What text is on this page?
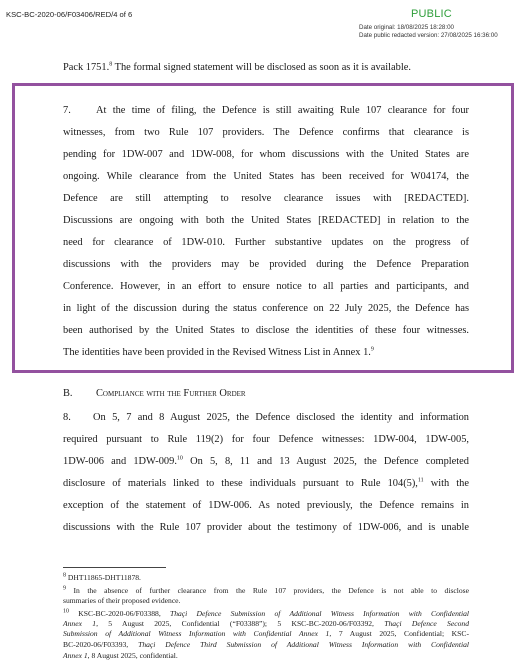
KSC-BC-2020-06/F03406/RED/4 of 6	PUBLIC
Date original: 18/08/2025 18:28:00
Date public redacted version: 27/08/2025 16:36:00
Pack 1751.$^8$ The formal signed statement will be disclosed as soon as it is available.
7. At the time of filing, the Defence is still awaiting Rule 107 clearance for four
witnesses, from two Rule 107 providers. The Defence confirms that clearance is
pending for 1DW-007 and 1DW-008, for whom discussions with the United States are
ongoing. While clearance from the United States has been received for W04174, the
Defence are still attempting to resolve clearance issues with [REDACTED].
Discussions are ongoing with both the United States [REDACTED] in relation to the
need for clearance of 1DW-010. Further substantive updates on the progress of
discussions with the providers may be provided during the Defence Preparation
Conference. However, in an effort to ensure notice to all parties and participants, and
in light of the discussion during the status conference on 22 July 2025, the Defence has
been authorised by the United States to disclose the identities of these four witnesses.
The identities have been provided in the Revised Witness List in Annex 1.$^9$
B. Compliance with the Further Order
8. On 5, 7 and 8 August 2025, the Defence disclosed the identity and information
required pursuant to Rule 119(2) for four Defence witnesses: 1DW-004, 1DW-005,
1DW-006 and 1DW-009.10 On 5, 8, 11 and 13 August 2025, the Defence completed
disclosure of materials linked to these individuals pursuant to Rule 104(5),$^{11}$ with the
exception of the statement of 1DW-006. As noted previously, the Defence remains in
discussions with the Rule 107 provider about the testimony of 1DW-006, and is unable
$^8$ DHT11865-DHT11878.
$^9$ In the absence of further clearance from the Rule 107 providers, the Defence is not able to disclose
summaries of their proposed evidence.
$^{10}$ KSC-BC-2020-06/F03388, Thaçi Defence Submission of Additional Witness Information with Confidential
Annex 1, 5 August 2025, Confidential (“F03388”); 5 KSC-BC-2020-06/F03392, Thaçi Defence Second
Submission of Additional Witness Information with Confidential Annex 1, 7 August 2025, Confidential; KSC-
BC-2020-06/F03393, Thaçi Defence Third Submission of Additional Witness Information with Confidential
Annex 1, 8 August 2025, confidential.
